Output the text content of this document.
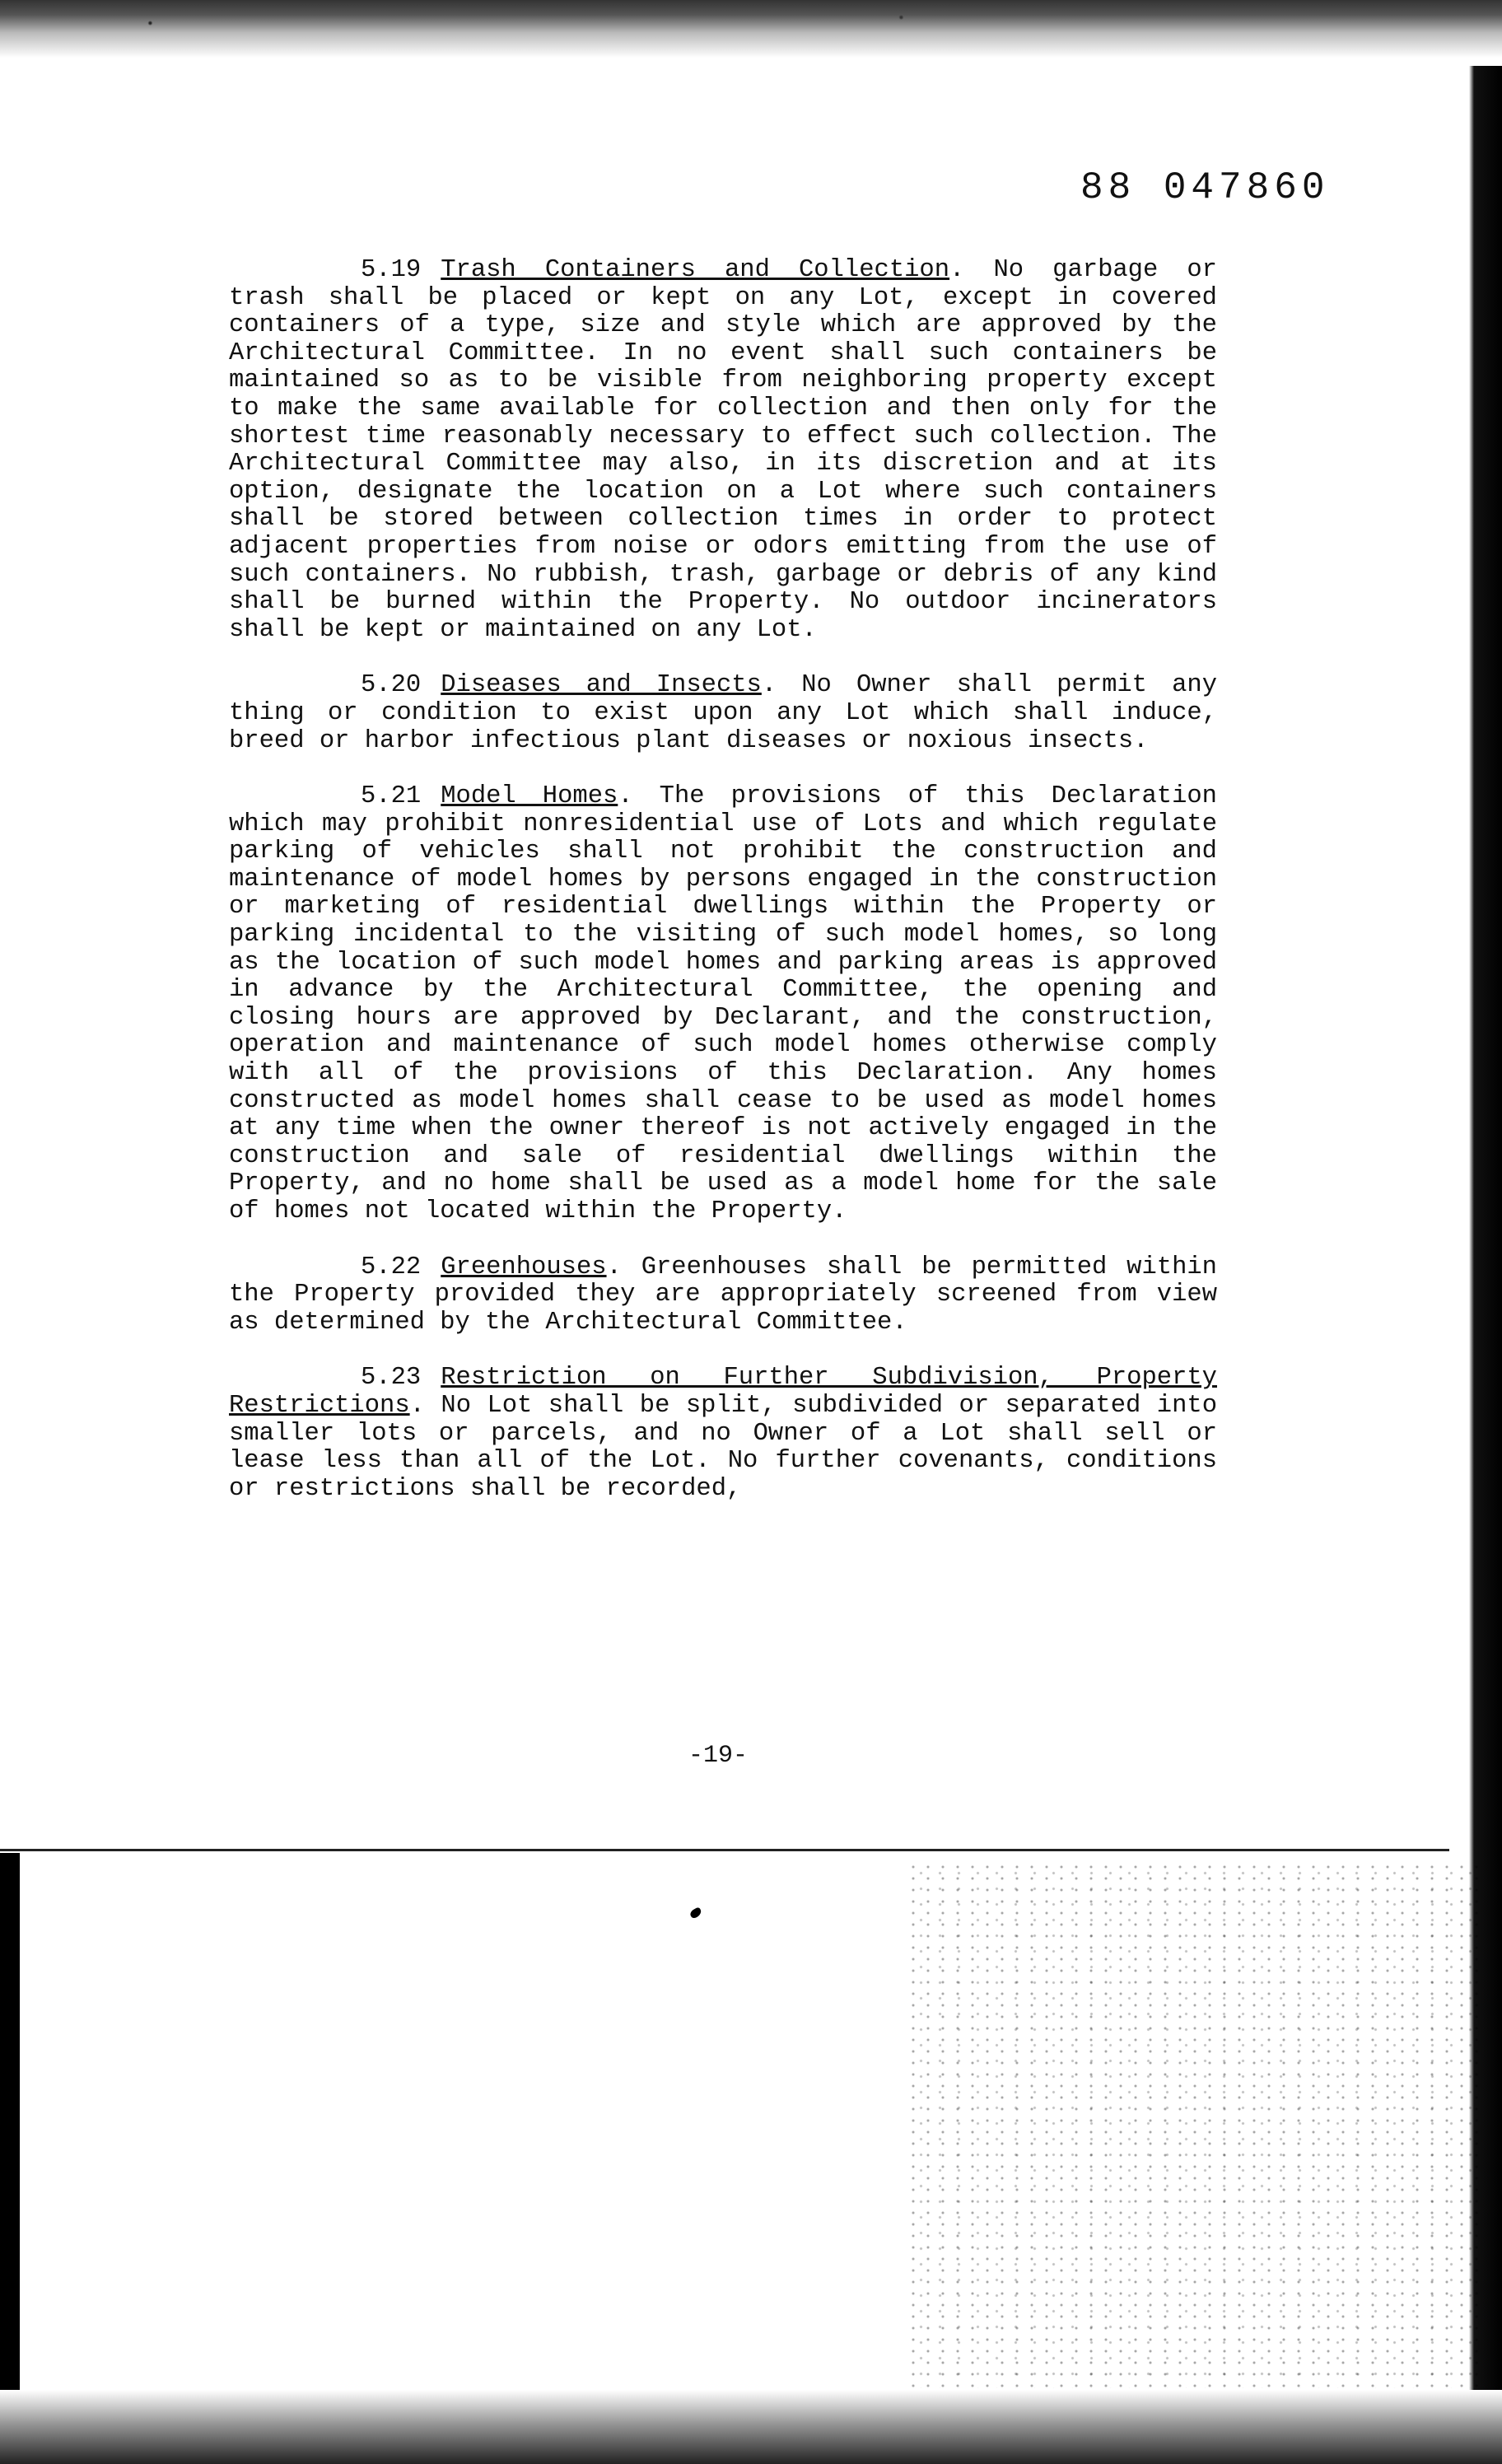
88 047860

5.19 Trash Containers and Collection. No garbage or trash shall be placed or kept on any Lot, except in covered containers of a type, size and style which are approved by the Architectural Committee. In no event shall such containers be maintained so as to be visible from neighboring property except to make the same available for collection and then only for the shortest time reasonably necessary to effect such collection. The Architectural Committee may also, in its discretion and at its option, designate the location on a Lot where such containers shall be stored between collection times in order to protect adjacent properties from noise or odors emitting from the use of such containers. No rubbish, trash, garbage or debris of any kind shall be burned within the Property. No outdoor incinerators shall be kept or maintained on any Lot.

5.20 Diseases and Insects. No Owner shall permit any thing or condition to exist upon any Lot which shall induce, breed or harbor infectious plant diseases or noxious insects.

5.21 Model Homes. The provisions of this Declaration which may prohibit nonresidential use of Lots and which regulate parking of vehicles shall not prohibit the construction and maintenance of model homes by persons engaged in the construction or marketing of residential dwellings within the Property or parking incidental to the visiting of such model homes, so long as the location of such model homes and parking areas is approved in advance by the Architectural Committee, the opening and closing hours are approved by Declarant, and the construction, operation and maintenance of such model homes otherwise comply with all of the provisions of this Declaration. Any homes constructed as model homes shall cease to be used as model homes at any time when the owner thereof is not actively engaged in the construction and sale of residential dwellings within the Property, and no home shall be used as a model home for the sale of homes not located within the Property.

5.22 Greenhouses. Greenhouses shall be permitted within the Property provided they are appropriately screened from view as determined by the Architectural Committee.

5.23 Restriction on Further Subdivision, Property Restrictions. No Lot shall be split, subdivided or separated into smaller lots or parcels, and no Owner of a Lot shall sell or lease less than all of the Lot. No further covenants, conditions or restrictions shall be recorded,

-19-
